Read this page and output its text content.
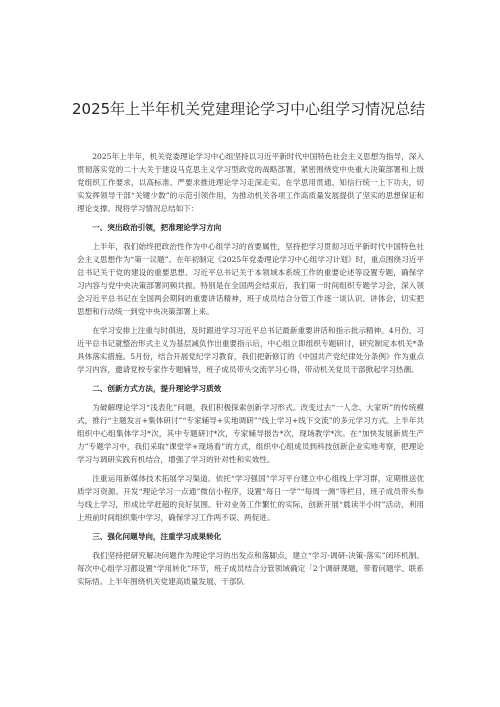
2025年上半年机关党建理论学习中心组学习情况总结

2025年上半年，机关党委理论学习中心组坚持以习近平新时代中国特色社会主义思想为指导，深入贯彻落实党的二十大关于建设马克思主义学习型政党的战略部署，紧密围绕党中央重大决策部署和上级党组织工作要求，以高标准、严要求推进理论学习走深走实。在学思用贯通、知信行统一上下功夫，切实发挥领导干部“关键少数”的示范引领作用，为推动机关各项工作高质量发展提供了坚实的思想保证和理论支撑。现将学习情况总结如下：

一、突出政治引领，把准理论学习方向

上半年，我们始终把政治性作为中心组学习的首要属性，坚持把学习贯彻习近平新时代中国特色社会主义思想作为“第一议题”。在年初制定《2025年党委理论学习中心组学习计划》时，重点围绕习近平总书记关于党的建设的重要思想、习近平总书记关于本领域本系统工作的重要论述等设置专题，确保学习内容与党中央决策部署同频共振。特别是在全国两会结束后，我们第一时间组织专题学习会，深入领会习近平总书记在全国两会期间的重要讲话精神，班子成员结合分管工作逐一谈认识、讲体会，切实把思想和行动统一到党中央决策部署上来。

在学习安排上注重与时俱进，及时跟进学习习近平总书记最新重要讲话和指示批示精神。4月份，习近平总书记就整治形式主义为基层减负作出重要指示后，中心组立即组织专题研讨，研究制定本机关*条具体落实措施。5月份，结合开展党纪学习教育，我们把新修订的《中国共产党纪律处分条例》作为重点学习内容，邀请党校专家作专题辅导，班子成员带头交流学习心得，带动机关党员干部掀起学习热潮。

二、创新方式方法，提升理论学习质效

为破解理论学习“浅表化”问题，我们积极探索创新学习形式。改变过去“一人念、大家听”的传统模式，推行“主题发言+集体研讨”“专家辅导+实地调研”“线上学习+线下交流”的多元学习方式。上半年共组织中心组集体学习*次，其中专题研讨*次，专家辅导报告*次，现场教学*次。在“加快发展新质生产力”专题学习中，我们采取“课堂学+现场看”的方式，组织中心组成员到科技创新企业实地考察，把理论学习与调研实践有机结合，增强了学习的针对性和实效性。

注重运用新媒体技术拓展学习渠道。依托“学习强国”学习平台建立中心组线上学习群，定期推送优质学习资源。开发“理论学习一点通”微信小程序，设置“每日一学”“每周一测”等栏目，班子成员带头参与线上学习，形成比学赶超的良好氛围。针对业务工作繁忙的实际，创新开展“晨读半小时”活动，利用上班前时间组织集中学习，确保学习工作两不误、两促进。

三、强化问题导向，注重学习成果转化

我们坚持把研究解决问题作为理论学习的出发点和落脚点，建立“学习-调研-决策-落实”闭环机制。每次中心组学习都设置“学用转化”环节，班子成员结合分管领域确定「2个调研课题，带着问题学、联系实际悟。上半年围绕机关党建高质量发展、干部队
